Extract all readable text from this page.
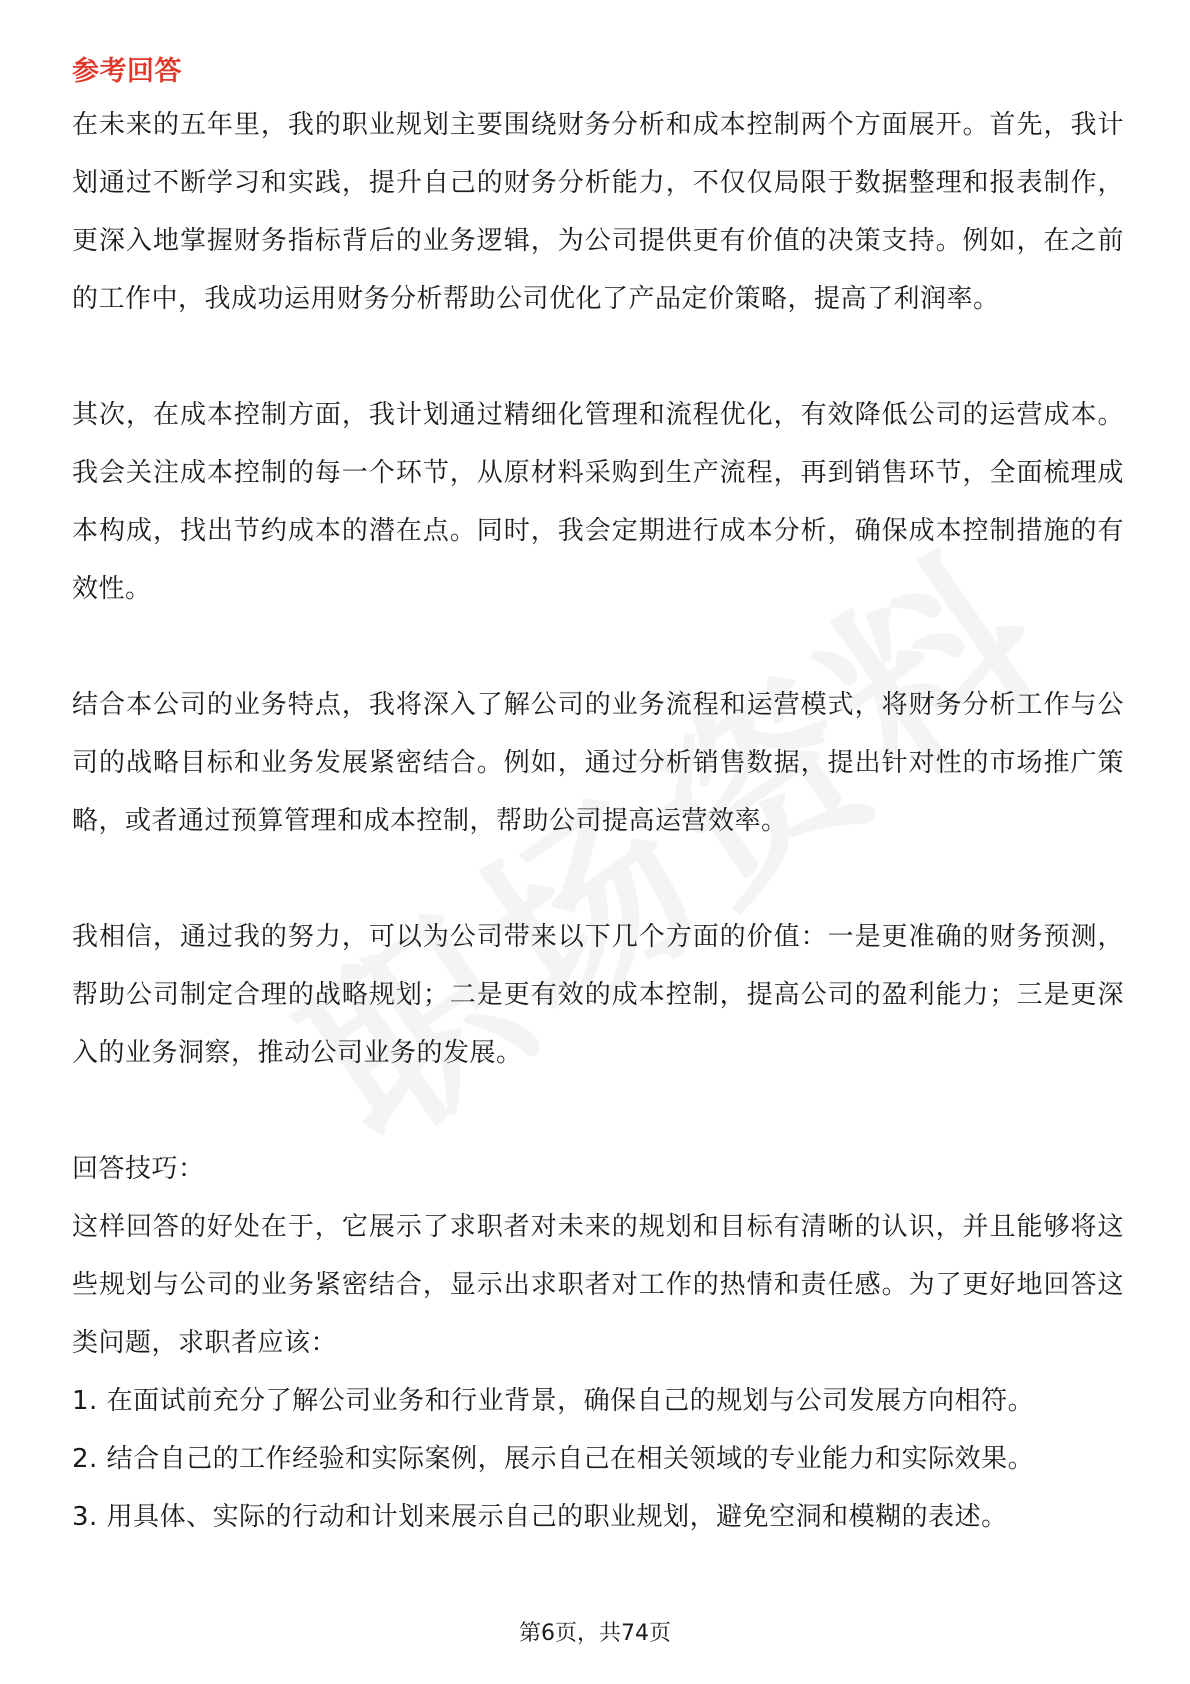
参考回答

在未来的五年里，我的职业规划主要围绕财务分析和成本控制两个方面展开。首先，我计划通过不断学习和实践，提升自己的财务分析能力，不仅仅局限于数据整理和报表制作，更深入地掌握财务指标背后的业务逻辑，为公司提供更有价值的决策支持。例如，在之前的工作中，我成功运用财务分析帮助公司优化了产品定价策略，提高了利润率。

其次，在成本控制方面，我计划通过精细化管理和流程优化，有效降低公司的运营成本。我会关注成本控制的每一个环节，从原材料采购到生产流程，再到销售环节，全面梳理成本构成，找出节约成本的潜在点。同时，我会定期进行成本分析，确保成本控制措施的有效性。

结合本公司的业务特点，我将深入了解公司的业务流程和运营模式，将财务分析工作与公司的战略目标和业务发展紧密结合。例如，通过分析销售数据，提出针对性的市场推广策略，或者通过预算管理和成本控制，帮助公司提高运营效率。

我相信，通过我的努力，可以为公司带来以下几个方面的价值：一是更准确的财务预测，帮助公司制定合理的战略规划；二是更有效的成本控制，提高公司的盈利能力；三是更深入的业务洞察，推动公司业务的发展。

回答技巧：

这样回答的好处在于，它展示了求职者对未来的规划和目标有清晰的认识，并且能够将这些规划与公司的业务紧密结合，显示出求职者对工作的热情和责任感。为了更好地回答这类问题，求职者应该：

1. 在面试前充分了解公司业务和行业背景，确保自己的规划与公司发展方向相符。

2. 结合自己的工作经验和实际案例，展示自己在相关领域的专业能力和实际效果。

3. 用具体、实际的行动和计划来展示自己的职业规划，避免空洞和模糊的表述。

第6页，共74页
